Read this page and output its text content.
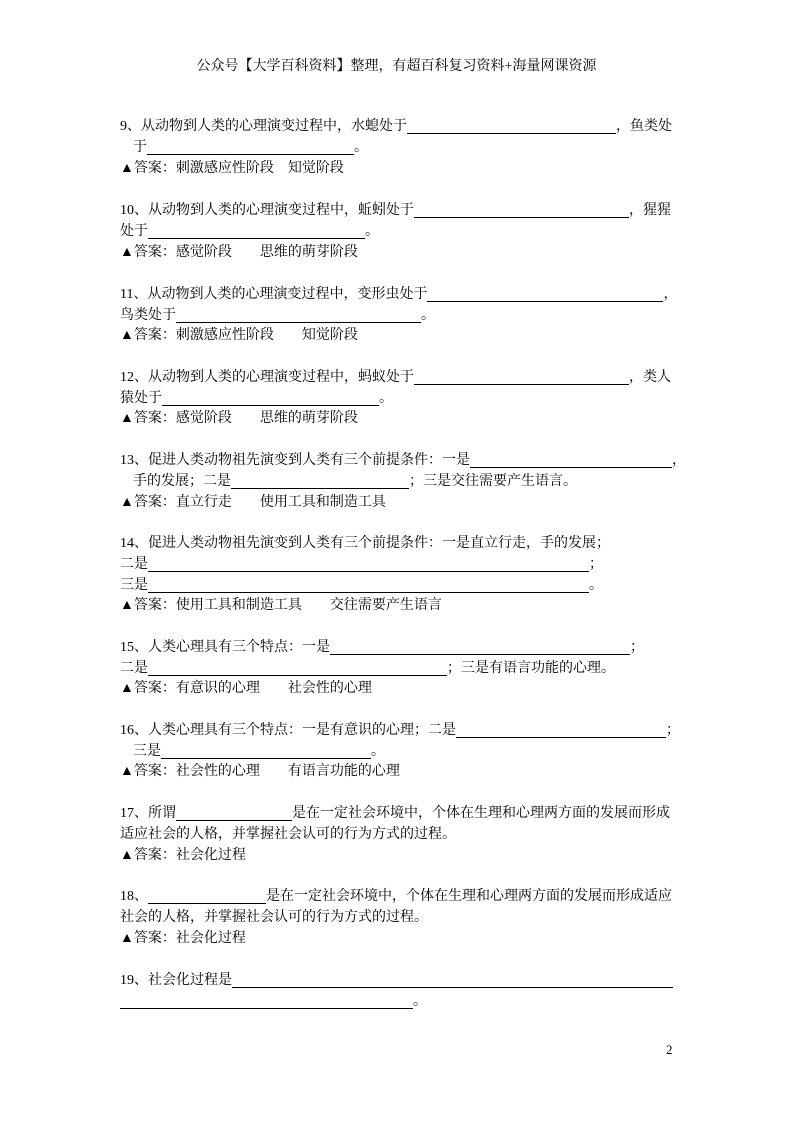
公众号【大学百科资料】整理，有超百科复习资料+海量网课资源
9、从动物到人类的心理演变过程中，水螅处于	，鱼类处
于	。
▲答案：刺激感应性阶段　知觉阶段
10、从动物到人类的心理演变过程中，蚯蚓处于	，猩猩
处于	。
▲答案：感觉阶段　　思维的萌芽阶段
11、从动物到人类的心理演变过程中，变形虫处于	，
鸟类处于	。
▲答案：刺激感应性阶段　　知觉阶段
12、从动物到人类的心理演变过程中，蚂蚁处于	，类人
猿处于	。
▲答案：感觉阶段　　思维的萌芽阶段
13、促进人类动物祖先演变到人类有三个前提条件：一是	，
手的发展；二是	；三是交往需要产生语言。
▲答案：直立行走　　使用工具和制造工具
14、促进人类动物祖先演变到人类有三个前提条件：一是直立行走，手的发展；
二是	；
三是	。
▲答案：使用工具和制造工具　　交往需要产生语言
15、人类心理具有三个特点：一是	；
二是	；三是有语言功能的心理。
▲答案：有意识的心理　　社会性的心理
16、人类心理具有三个特点：一是有意识的心理；二是	；
三是	。
▲答案：社会性的心理　　有语言功能的心理
17、所谓	是在一定社会环境中，个体在生理和心理两方面的发展而形成
适应社会的人格，并掌握社会认可的行为方式的过程。
▲答案：社会化过程
18、	是在一定社会环境中，个体在生理和心理两方面的发展而形成适应
社会的人格，并掌握社会认可的行为方式的过程。
▲答案：社会化过程
19、社会化过程是
。
2
